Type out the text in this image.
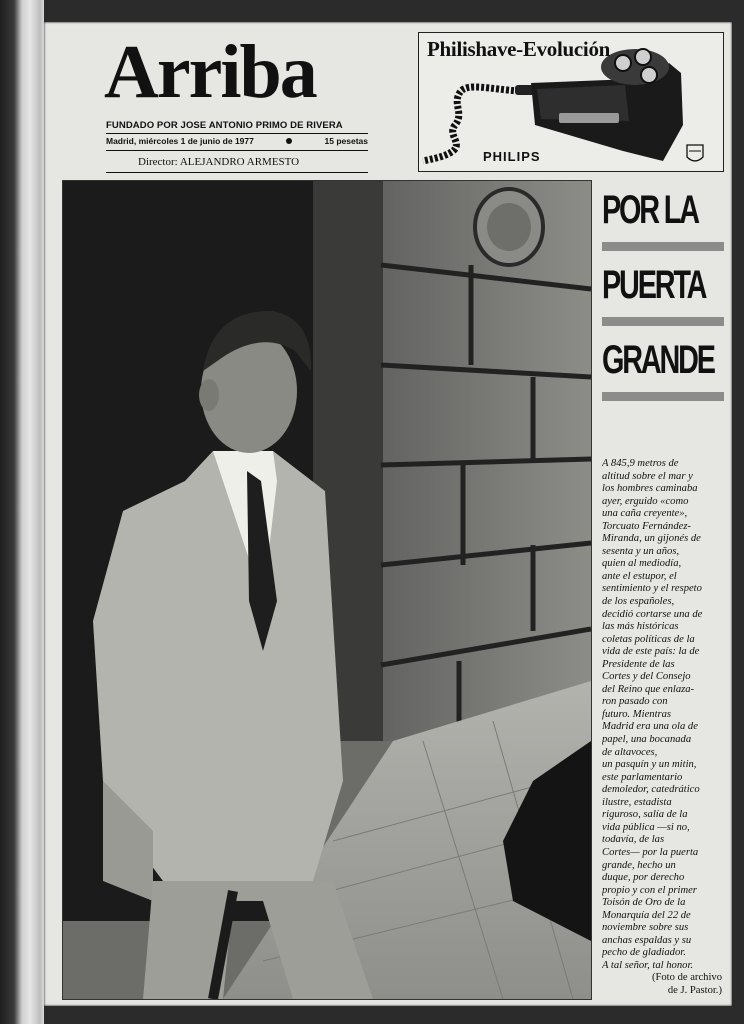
Arriba
FUNDADO POR JOSE ANTONIO PRIMO DE RIVERA
Madrid, miércoles 1 de junio de 1977	15 pesetas
Director: ALEJANDRO ARMESTO
Philishave-Evolución
PHILIPS
POR LA
PUERTA
GRANDE
A 845,9 metros de
altitud sobre el mar y
los hombres caminaba
ayer, erguido «como
una caña creyente»,
Torcuato Fernández-
Miranda, un gijonés de
sesenta y un años,
quien al mediodía,
ante el estupor, el
sentimiento y el respeto
de los españoles,
decidió cortarse una de
las más históricas
coletas políticas de la
vida de este país: la de
Presidente de las
Cortes y del Consejo
del Reino que enlaza-
ron pasado con
futuro. Mientras
Madrid era una ola de
papel, una bocanada
de altavoces,
un pasquín y un mitin,
este parlamentario
demoledor, catedrático
ilustre, estadista
riguroso, salía de la
vida pública —si no,
todavía, de las
Cortes— por la puerta
grande, hecho un
duque, por derecho
propio y con el primer
Toisón de Oro de la
Monarquía del 22 de
noviembre sobre sus
anchas espaldas y su
pecho de gladiador.
A tal señor, tal honor.
(Foto de archivo
de J. Pastor.)
